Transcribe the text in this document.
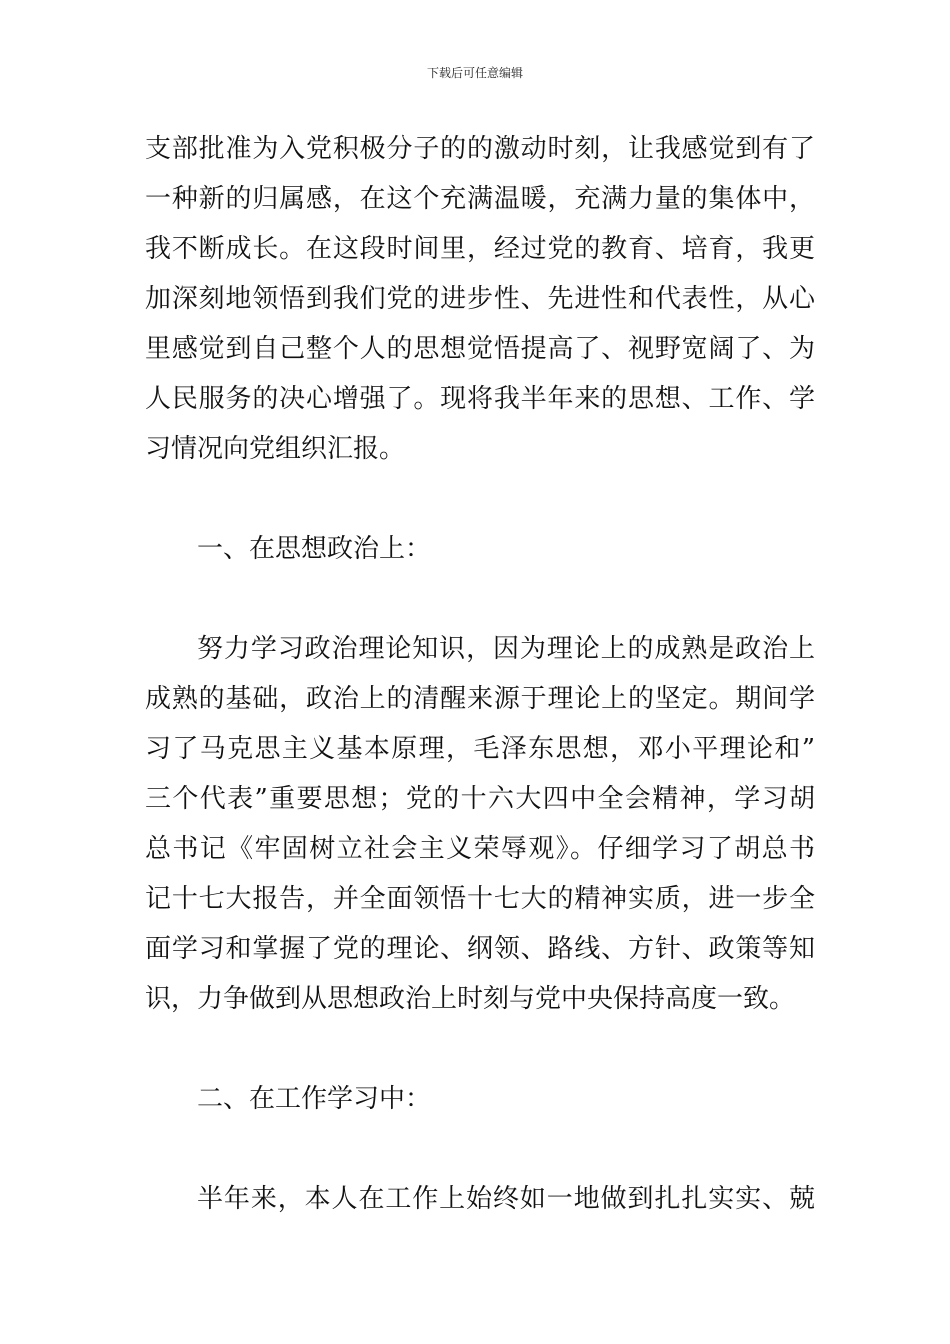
下载后可任意编辑
支部批准为入党积极分子的的激动时刻，让我感觉到有了
一种新的归属感，在这个充满温暖，充满力量的集体中，
我不断成长。在这段时间里，经过党的教育、培育，我更
加深刻地领悟到我们党的进步性、先进性和代表性，从心
里感觉到自己整个人的思想觉悟提高了、视野宽阔了、为
人民服务的决心增强了。现将我半年来的思想、工作、学
习情况向党组织汇报。
一、在思想政治上：
努力学习政治理论知识，因为理论上的成熟是政治上
成熟的基础，政治上的清醒来源于理论上的坚定。期间学
习了马克思主义基本原理，毛泽东思想，邓小平理论和”
三个代表”重要思想；党的十六大四中全会精神，学习胡
总书记《牢固树立社会主义荣辱观》。仔细学习了胡总书
记十七大报告，并全面领悟十七大的精神实质，进一步全
面学习和掌握了党的理论、纲领、路线、方针、政策等知
识，力争做到从思想政治上时刻与党中央保持高度一致。
二、在工作学习中：
半年来，本人在工作上始终如一地做到扎扎实实、兢
